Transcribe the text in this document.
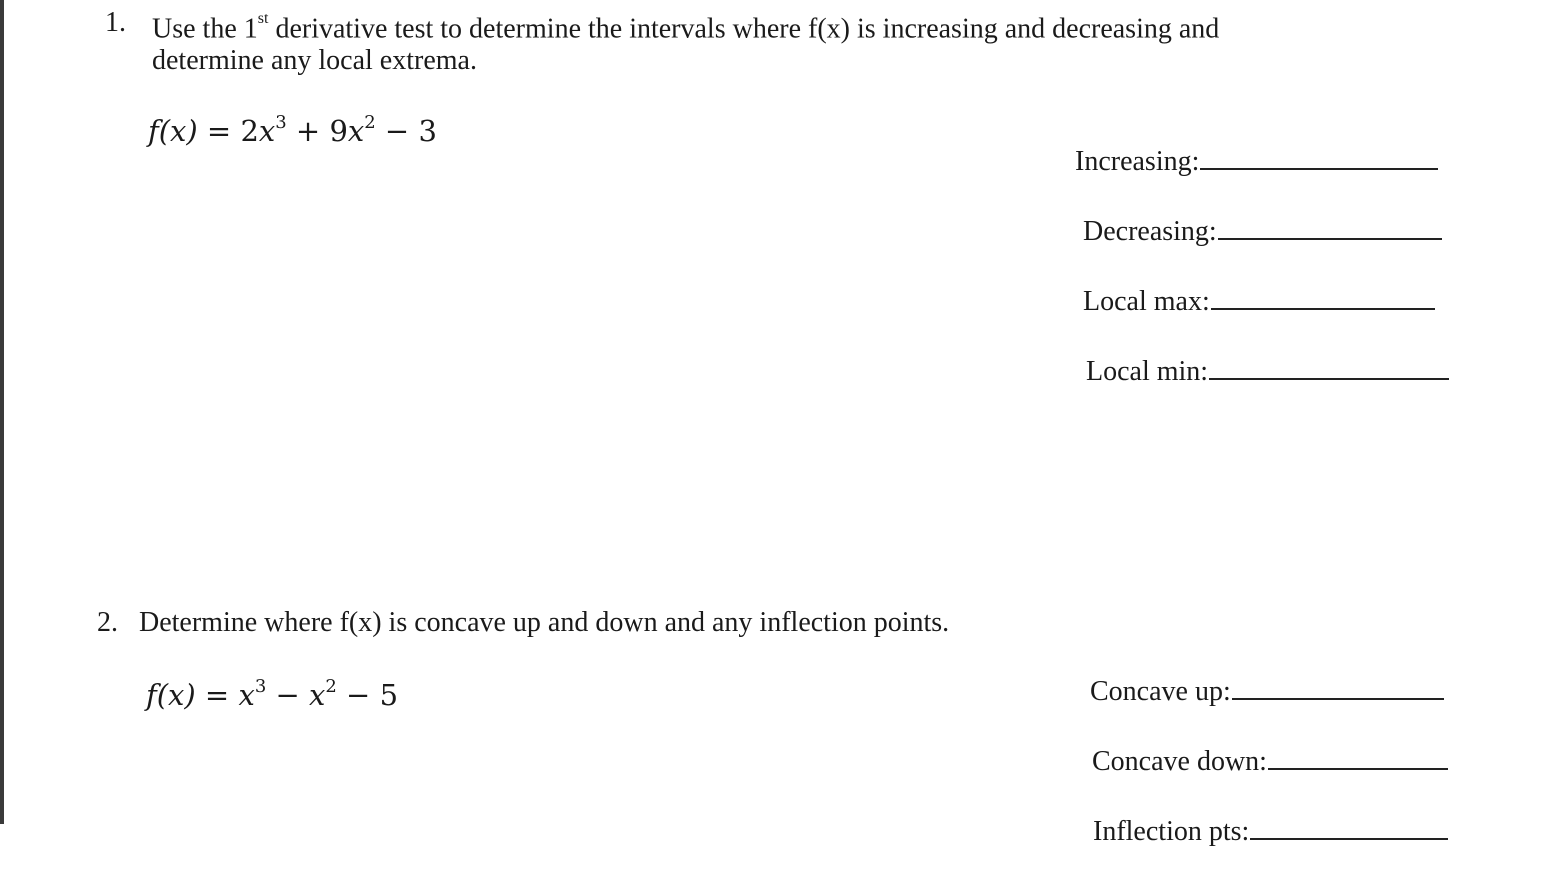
1. Use the 1st derivative test to determine the intervals where f(x) is increasing and decreasing and
determine any local extrema.
$f(x) = 2x^3 + 9x^2 - 3$
Increasing:
Decreasing:
Local max:
Local min:
2. Determine where f(x) is concave up and down and any inflection points.
$f(x) = x^3 - x^2 - 5$	Concave up:
Concave down:
Inflection pts:
